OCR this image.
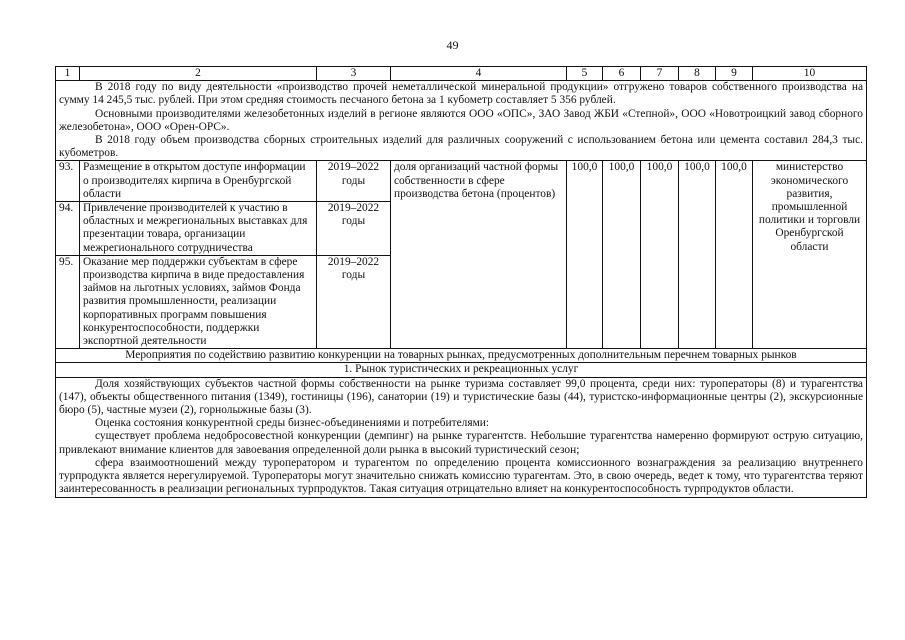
49
1	2	3	4	5	6	7	8	9	10

В 2018 году по виду деятельности «производство прочей неметаллической минеральной продукции» отгружено товаров собственного производства на сумму 14 245,5 тыс. рублей. При этом средняя стоимость песчаного бетона за 1 кубометр составляет 5 356 рублей.

Основными производителями железобетонных изделий в регионе являются ООО «ОПС», ЗАО Завод ЖБИ «Степной», ООО «Новотроицкий завод сборного железобетона», ООО «Орен-ОРС».

В 2018 году объем производства сборных строительных изделий для различных сооружений с использованием бетона или цемента составил 284,3 тыс. кубометров.									

93.	Размещение в открытом доступе информации о производителях кирпича в Оренбургской области	2019–2022 годы	доля организаций частной формы собственности в сфере производства бетона (процентов)	100,0	100,0	100,0	100,0	100,0	министерство экономического развития, промышленной политики и торговли Оренбургской области
94.	Привлечение производителей к участию в областных и межрегиональных выставках для презентации товара, организации межрегионального сотрудничества	2019–2022 годы							
95.	Оказание мер поддержки субъектам в сфере производства кирпича в виде предоставления займов на льготных условиях, займов Фонда развития промышленности, реализации корпоративных программ повышения конкурентоспособности, поддержки экспортной деятельности	2019–2022 годы							
Мероприятия по содействию развитию конкуренции на товарных рынках, предусмотренных дополнительным перечнем товарных рынков									
1. Рынок туристических и рекреационных услуг									

Доля хозяйствующих субъектов частной формы собственности на рынке туризма составляет 99,0 процента, среди них: туроператоры (8) и турагентства (147), объекты общественного питания (1349), гостиницы (196), санатории (19) и туристические базы (44), туристско-информационные центры (2), экскурсионные бюро (5), частные музеи (2), горнолыжные базы (3).

Оценка состояния конкурентной среды бизнес-объединениями и потребителями:

существует проблема недобросовестной конкуренции (демпинг) на рынке турагентств. Небольшие турагентства намеренно формируют острую ситуацию, привлекают внимание клиентов для завоевания определенной доли рынка в высокий туристический сезон;

сфера взаимоотношений между туроператором и турагентом по определению процента комиссионного вознаграждения за реализацию внутреннего турпродукта является нерегулируемой. Туроператоры могут значительно снижать комиссию турагентам. Это, в свою очередь, ведет к тому, что турагентства теряют заинтересованность в реализации региональных турпродуктов. Такая ситуация отрицательно влияет на конкурентоспособность турпродуктов области.									
